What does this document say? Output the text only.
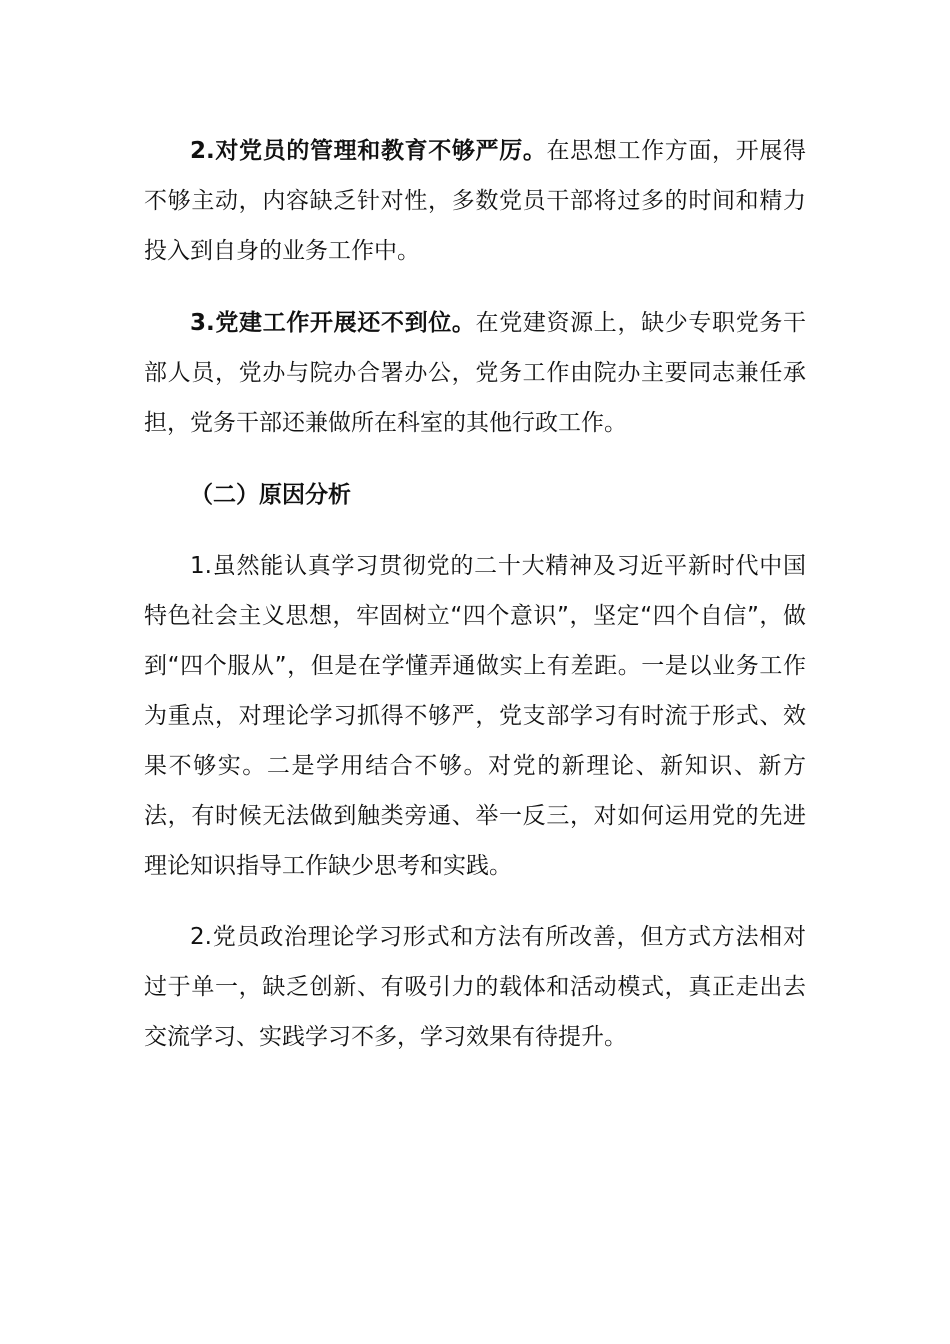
2.对党员的管理和教育不够严厉。在思想工作方面，开展得不够主动，内容缺乏针对性，多数党员干部将过多的时间和精力投入到自身的业务工作中。

3.党建工作开展还不到位。在党建资源上，缺少专职党务干部人员，党办与院办合署办公，党务工作由院办主要同志兼任承担，党务干部还兼做所在科室的其他行政工作。

（二）原因分析

1.虽然能认真学习贯彻党的二十大精神及习近平新时代中国特色社会主义思想，牢固树立“四个意识”，坚定“四个自信”，做到“四个服从”，但是在学懂弄通做实上有差距。一是以业务工作为重点，对理论学习抓得不够严，党支部学习有时流于形式、效果不够实。二是学用结合不够。对党的新理论、新知识、新方法，有时候无法做到触类旁通、举一反三，对如何运用党的先进理论知识指导工作缺少思考和实践。

2.党员政治理论学习形式和方法有所改善，但方式方法相对过于单一，缺乏创新、有吸引力的载体和活动模式，真正走出去交流学习、实践学习不多，学习效果有待提升。
